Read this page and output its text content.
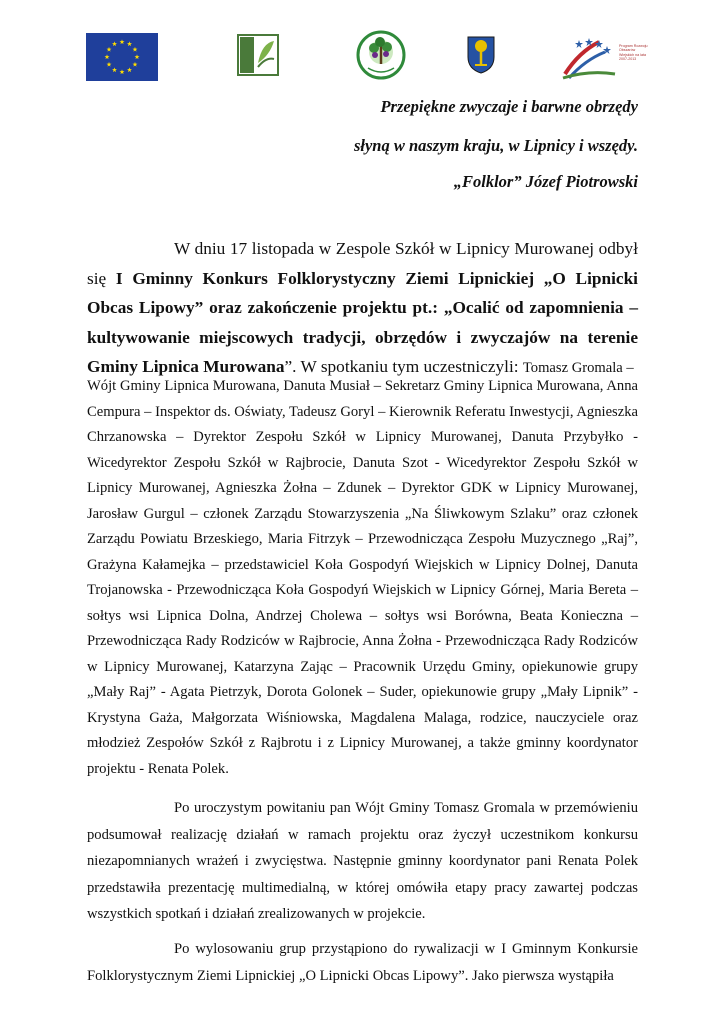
Program Rozwoju Obszarów Wiejskich na lata 2007-2013
Przepiękne zwyczaje i barwne obrzędy
słyną w naszym kraju, w Lipnicy i wszędy.
„Folklor” Józef Piotrowski

W dniu 17 listopada w Zespole Szkół w Lipnicy Murowanej odbył się I Gminny Konkurs Folklorystyczny Ziemi Lipnickiej „O Lipnicki Obcas Lipowy” oraz zakończenie projektu pt.: „Ocalić od zapomnienia – kultywowanie miejscowych tradycji, obrzędów i zwyczajów na terenie Gminy Lipnica Murowana”. W spotkaniu tym uczestniczyli: Tomasz Gromala –

Wójt Gminy Lipnica Murowana, Danuta Musiał – Sekretarz Gminy Lipnica Murowana, Anna Cempura – Inspektor ds. Oświaty, Tadeusz Goryl – Kierownik Referatu Inwestycji, Agnieszka Chrzanowska – Dyrektor Zespołu Szkół w Lipnicy Murowanej, Danuta Przybyłko - Wicedyrektor Zespołu Szkół w Rajbrocie, Danuta Szot - Wicedyrektor Zespołu Szkół w Lipnicy Murowanej, Agnieszka Żołna – Zdunek – Dyrektor GDK w Lipnicy Murowanej, Jarosław Gurgul – członek Zarządu Stowarzyszenia „Na Śliwkowym Szlaku” oraz członek Zarządu Powiatu Brzeskiego, Maria Fitrzyk – Przewodnicząca Zespołu Muzycznego „Raj”, Grażyna Kałamejka – przedstawiciel Koła Gospodyń Wiejskich w Lipnicy Dolnej, Danuta Trojanowska - Przewodnicząca Koła Gospodyń Wiejskich w Lipnicy Górnej, Maria Bereta – sołtys wsi Lipnica Dolna, Andrzej Cholewa – sołtys wsi Borówna, Beata Konieczna – Przewodnicząca Rady Rodziców w Rajbrocie, Anna Żołna - Przewodnicząca Rady Rodziców w Lipnicy Murowanej, Katarzyna Zając – Pracownik Urzędu Gminy, opiekunowie grupy „Mały Raj” - Agata Pietrzyk, Dorota Golonek – Suder, opiekunowie grupy „Mały Lipnik” - Krystyna Gaża, Małgorzata Wiśniowska, Magdalena Malaga, rodzice, nauczyciele oraz młodzież Zespołów Szkół z Rajbrotu i z Lipnicy Murowanej, a także gminny koordynator projektu - Renata Polek.

Po uroczystym powitaniu pan Wójt Gminy Tomasz Gromala w przemówieniu podsumował realizację działań w ramach projektu oraz życzył uczestnikom konkursu niezapomnianych wrażeń i zwycięstwa. Następnie gminny koordynator pani Renata Polek przedstawiła prezentację multimedialną, w której omówiła etapy pracy zawartej podczas wszystkich spotkań i działań zrealizowanych w projekcie.

Po wylosowaniu grup przystąpiono do rywalizacji w I Gminnym Konkursie Folklorystycznym Ziemi Lipnickiej „O Lipnicki Obcas Lipowy”. Jako pierwsza wystąpiła
